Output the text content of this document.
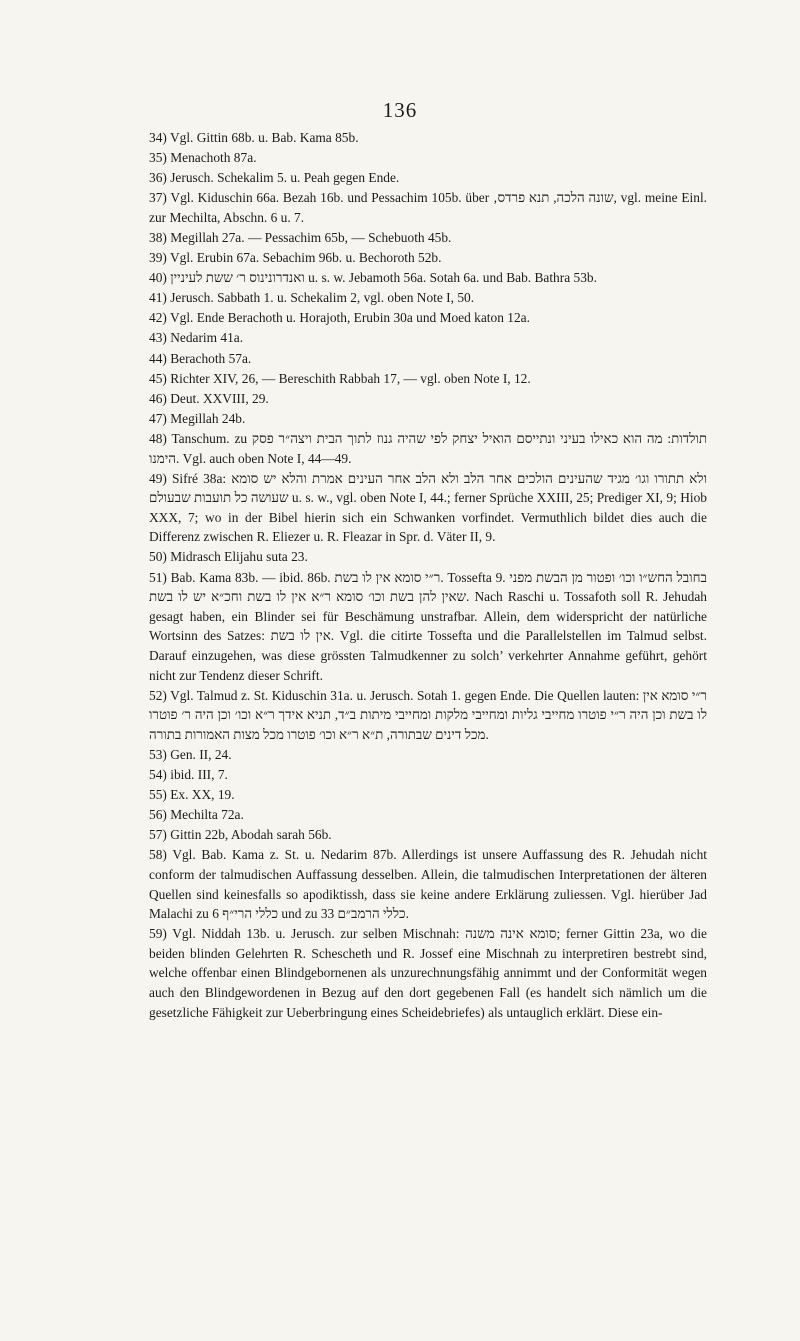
136

34) Vgl. Gittin 68b. u. Bab. Kama 85b.

35) Menachoth 87a.

36) Jerusch. Schekalim 5. u. Peah gegen Ende.

37) Vgl. Kiduschin 66a. Bezah 16b. und Pessachim 105b. über ‚שונה הלכה, תנא פרדס, vgl. meine Einl. zur Mechilta, Abschn. 6 u. 7.

38) Megillah 27a. — Pessachim 65b, — Schebuoth 45b.

39) Vgl. Erubin 67a. Sebachim 96b. u. Bechoroth 52b.

40) ואנדרונינוס ר׳ ששת לעיניין u. s. w. Jebamoth 56a. Sotah 6a. und Bab. Bathra 53b.

41) Jerusch. Sabbath 1. u. Schekalim 2, vgl. oben Note I, 50.

42) Vgl. Ende Berachoth u. Horajoth, Erubin 30a und Moed katon 12a.

43) Nedarim 41a.

44) Berachoth 57a.

45) Richter XIV, 26, — Bereschith Rabbah 17, — vgl. oben Note I, 12.

46) Deut. XXVIII, 29.

47) Megillah 24b.

48) Tanschum. zu תולדות: מה הוא כאילו בעיני ונתייסם הואיל יצחק לפי שהיה גנוז לתוך הבית ויצה״ר פסק הימנו. Vgl. auch oben Note I, 44—49.

49) Sifré 38a: ולא תתורו וגו׳ מגיד שהעינים הולכים אחר הלב ולא הלב אחר העינים אמרת והלא יש סומא שעושה כל תועבות שבעולם u. s. w., vgl. oben Note I, 44.; ferner Sprüche XXIII, 25; Prediger XI, 9; Hiob XXX, 7; wo in der Bibel hierin sich ein Schwanken vorfindet. Vermuthlich bildet dies auch die Differenz zwischen R. Eliezer u. R. Fleazar in Spr. d. Väter II, 9.

50) Midrasch Elijahu suta 23.

51) Bab. Kama 83b. — ibid. 86b. ר״י סומא אין לו בשת. Tossefta 9. בחובל החש״ו וכו׳ ופטור מן הבשת מפני שאין להן בשת וכו׳ סומא ר״א אין לו בשת וחכ״א יש לו בשת. Nach Raschi u. Tossafoth soll R. Jehudah gesagt haben, ein Blinder sei für Beschämung unstrafbar. Allein, dem widerspricht der natürliche Wortsinn des Satzes: אין לו בשת. Vgl. die citirte Tossefta und die Parallelstellen im Talmud selbst. Darauf einzugehen, was diese grössten Talmudkenner zu solch’ verkehrter Annahme geführt, gehört nicht zur Tendenz dieser Schrift.

52) Vgl. Talmud z. St. Kiduschin 31a. u. Jerusch. Sotah 1. gegen Ende. Die Quellen lauten: ר״י סומא אין לו בשת וכן היה ר״י פוטרו מחייבי גליות ומחייבי מלקות ומחייבי מיתות ב״ד, תניא אידך ר״א וכו׳ וכן היה ר׳ פוטרו מכל דינים שבתורה, ת״א ר״א וכו׳ פוטרו מכל מצות האמורות בתורה.

53) Gen. II, 24.

54) ibid. III, 7.

55) Ex. XX, 19.

56) Mechilta 72a.

57) Gittin 22b, Abodah sarah 56b.

58) Vgl. Bab. Kama z. St. u. Nedarim 87b. Allerdings ist unsere Auffassung des R. Jehudah nicht conform der talmudischen Auffassung desselben. Allein, die talmudischen Interpretationen der älteren Quellen sind keinesfalls so apodiktissh, dass sie keine andere Erklärung zuliessen. Vgl. hierüber Jad Malachi zu כללי הרי״ף 6 und zu כללי הרמב״ם 33.

59) Vgl. Niddah 13b. u. Jerusch. zur selben Mischnah: סומא אינה משנה; ferner Gittin 23a, wo die beiden blinden Gelehrten R. Schescheth und R. Jossef eine Mischnah zu interpretiren bestrebt sind, welche offenbar einen Blindgebornenen als unzurechnungsfähig annimmt und der Conformität wegen auch den Blindgewordenen in Bezug auf den dort gegebenen Fall (es handelt sich nämlich um die gesetzliche Fähigkeit zur Ueberbringung eines Scheidebriefes) als untauglich erklärt. Diese ein-
